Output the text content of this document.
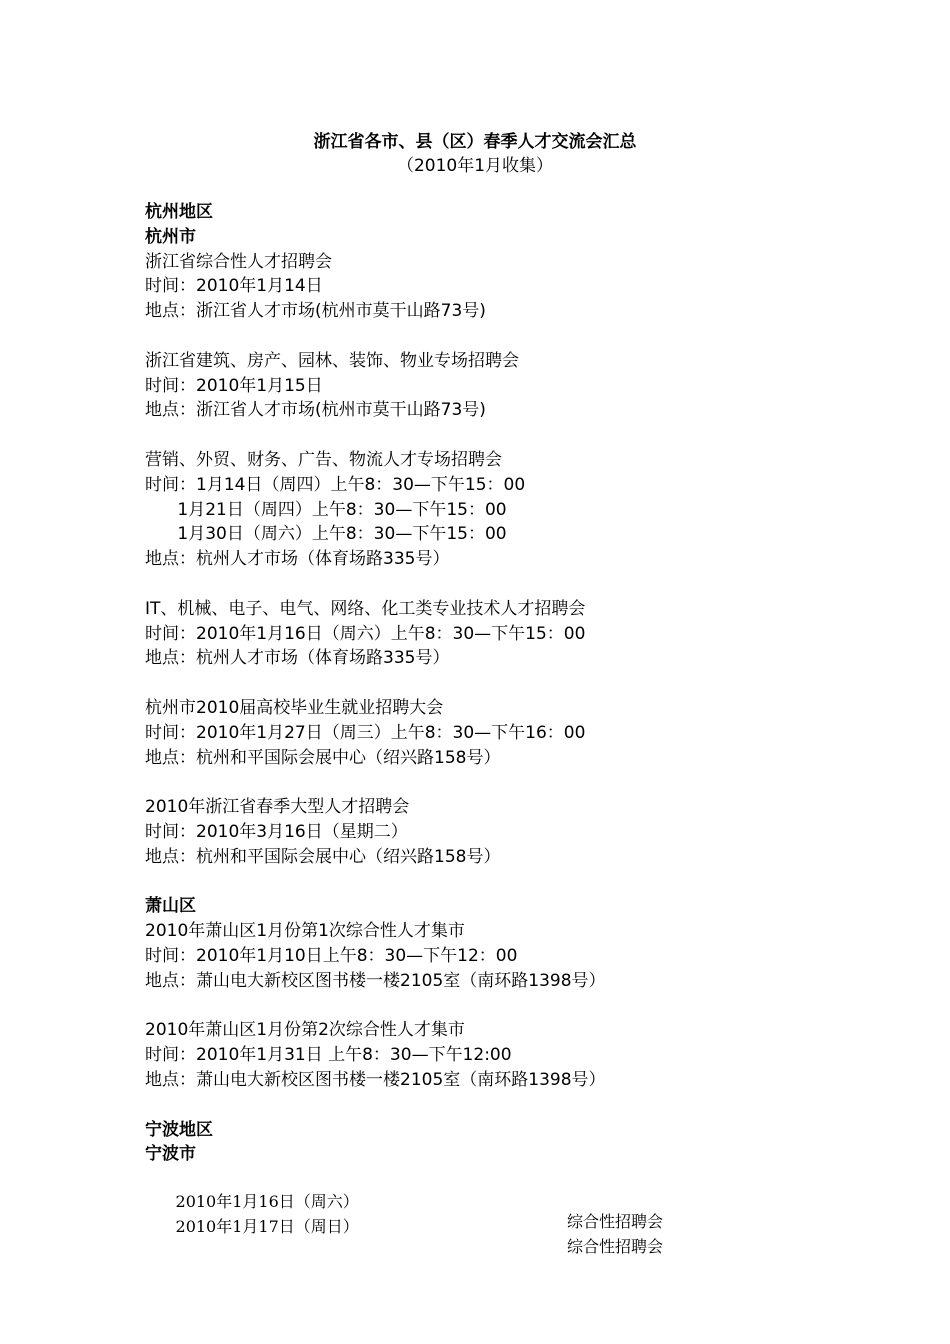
浙江省各市、县（区）春季人才交流会汇总
（2010年1月收集）
杭州地区
杭州市
浙江省综合性人才招聘会
时间：2010年1月14日
地点：浙江省人才市场(杭州市莫干山路73号)
浙江省建筑、房产、园林、装饰、物业专场招聘会
时间：2010年1月15日
地点：浙江省人才市场(杭州市莫干山路73号)
营销、外贸、财务、广告、物流人才专场招聘会
时间：1月14日（周四）上午8：30—下午15：00
1月21日（周四）上午8：30—下午15：00
1月30日（周六）上午8：30—下午15：00
地点：杭州人才市场（体育场路335号）
IT、机械、电子、电气、网络、化工类专业技术人才招聘会
时间：2010年1月16日（周六）上午8：30—下午15：00
地点：杭州人才市场（体育场路335号）
杭州市2010届高校毕业生就业招聘大会
时间：2010年1月27日（周三）上午8：30—下午16：00
地点：杭州和平国际会展中心（绍兴路158号）
2010年浙江省春季大型人才招聘会
时间：2010年3月16日（星期二）
地点：杭州和平国际会展中心（绍兴路158号）
萧山区
2010年萧山区1月份第1次综合性人才集市
时间：2010年1月10日上午8：30—下午12：00
地点：萧山电大新校区图书楼一楼2105室（南环路1398号）
2010年萧山区1月份第2次综合性人才集市
时间：2010年1月31日 上午8：30—下午12:00
地点：萧山电大新校区图书楼一楼2105室（南环路1398号）
宁波地区
宁波市

2010年1月16日（周六）

综合性招聘会

2010年1月17日（周日）

综合性招聘会
